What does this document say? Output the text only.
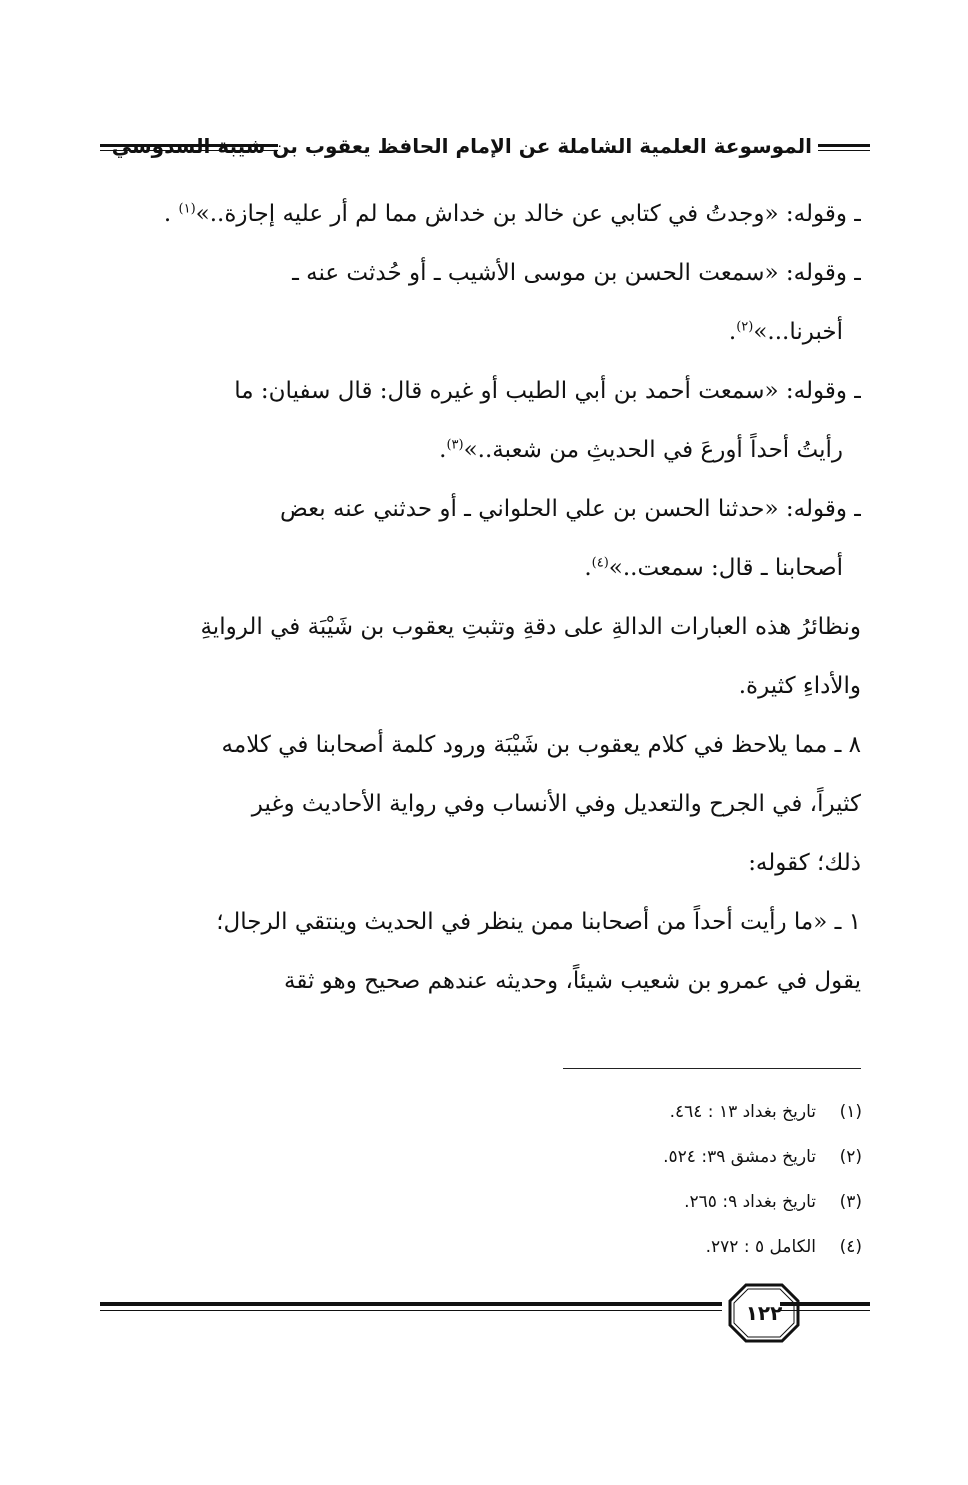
الموسوعة العلمية الشاملة عن الإمام الحافظ يعقوب بن شيبة السدوسي
ـ وقوله: «وجدتُ في كتابي عن خالد بن خداش مما لم أر عليه إجازة..»$^{(١)}$ .
ـ وقوله: «سمعت الحسن بن موسى الأشيب ـ أو حُدثت عنه ـ
أخبرنا...»$^{(٢)}$.
ـ وقوله: «سمعت أحمد بن أبي الطيب أو غيره قال: قال سفيان: ما
رأيتُ أحداً أورعَ في الحديثِ من شعبة..»$^{(٣)}$.
ـ وقوله: «حدثنا الحسن بن علي الحلواني ـ أو حدثني عنه بعض
أصحابنا ـ قال: سمعت..»$^{(٤)}$.
ونظائرُ هذه العبارات الدالةِ على دقةِ وتثبتِ يعقوب بن شَيْبَة في الروايةِ
والأداءِ كثيرة.
٨ ـ مما يلاحظ في كلام يعقوب بن شَيْبَة ورود كلمة أصحابنا في كلامه
كثيراً، في الجرح والتعديل وفي الأنساب وفي رواية الأحاديث وغير
ذلك؛ كقوله:
١ ـ «ما رأيت أحداً من أصحابنا ممن ينظر في الحديث وينتقي الرجال؛
يقول في عمرو بن شعيب شيئاً، وحديثه عندهم صحيح وهو ثقة
(١)تاريخ بغداد ١٣ : ٤٦٤.
(٢)تاريخ دمشق ٣٩: ٥٢٤.
(٣)تاريخ بغداد ٩: ٢٦٥.
(٤)الكامل ٥ : ٢٧٢.
١٢٢
